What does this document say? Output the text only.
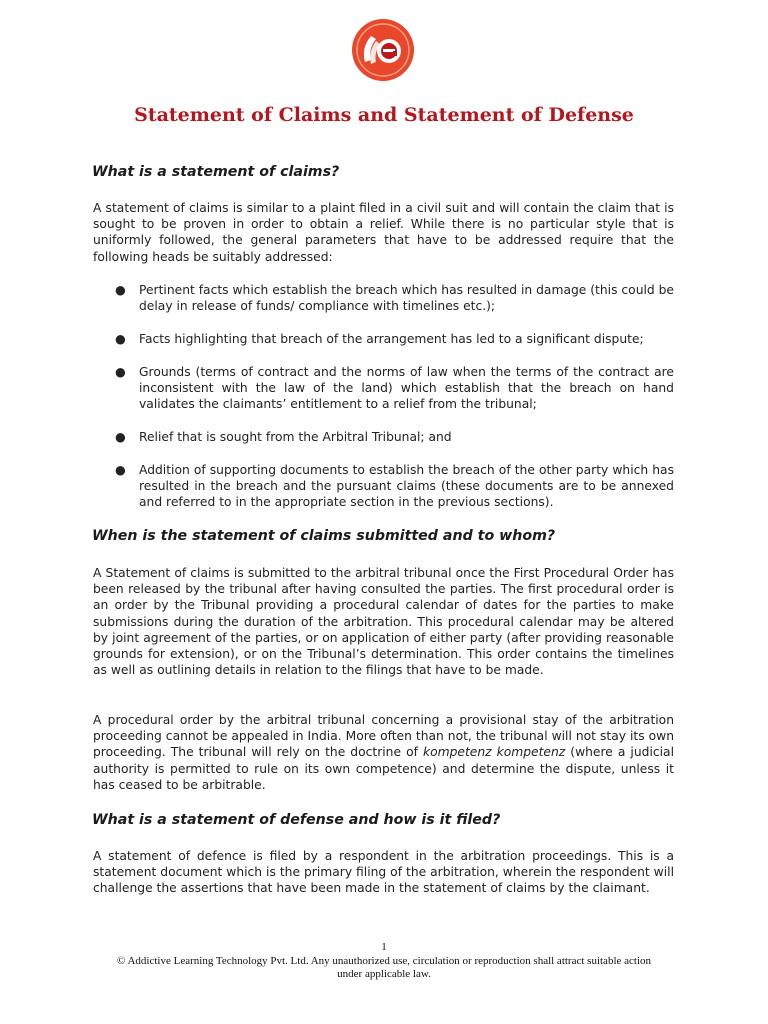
Statement of Claims and Statement of Defense
What is a statement of claims?

A statement of claims is similar to a plaint filed in a civil suit and will contain the claim that is sought to be proven in order to obtain a relief. While there is no particular style that is uniformly followed, the general parameters that have to be addressed require that the following heads be suitably addressed:

● Pertinent facts which establish the breach which has resulted in damage (this could be delay in release of funds/ compliance with timelines etc.);

● Facts highlighting that breach of the arrangement has led to a significant dispute;

● Grounds (terms of contract and the norms of law when the terms of the contract are inconsistent with the law of the land) which establish that the breach on hand validates the claimants’ entitlement to a relief from the tribunal;

● Relief that is sought from the Arbitral Tribunal; and

● Addition of supporting documents to establish the breach of the other party which has resulted in the breach and the pursuant claims (these documents are to be annexed and referred to in the appropriate section in the previous sections).

When is the statement of claims submitted and to whom?

A Statement of claims is submitted to the arbitral tribunal once the First Procedural Order has been released by the tribunal after having consulted the parties. The first procedural order is an order by the Tribunal providing a procedural calendar of dates for the parties to make submissions during the duration of the arbitration. This procedural calendar may be altered by joint agreement of the parties, or on application of either party (after providing reasonable grounds for extension), or on the Tribunal’s determination. This order contains the timelines as well as outlining details in relation to the filings that have to be made.

A procedural order by the arbitral tribunal concerning a provisional stay of the arbitration proceeding cannot be appealed in India. More often than not, the tribunal will not stay its own proceeding. The tribunal will rely on the doctrine of kompetenz kompetenz (where a judicial authority is permitted to rule on its own competence) and determine the dispute, unless it has ceased to be arbitrable.

What is a statement of defense and how is it filed?

A statement of defence is filed by a respondent in the arbitration proceedings. This is a statement document which is the primary filing of the arbitration, wherein the respondent will challenge the assertions that have been made in the statement of claims by the claimant.

1
© Addictive Learning Technology Pvt. Ltd. Any unauthorized use, circulation or reproduction shall attract suitable action
under applicable law.
